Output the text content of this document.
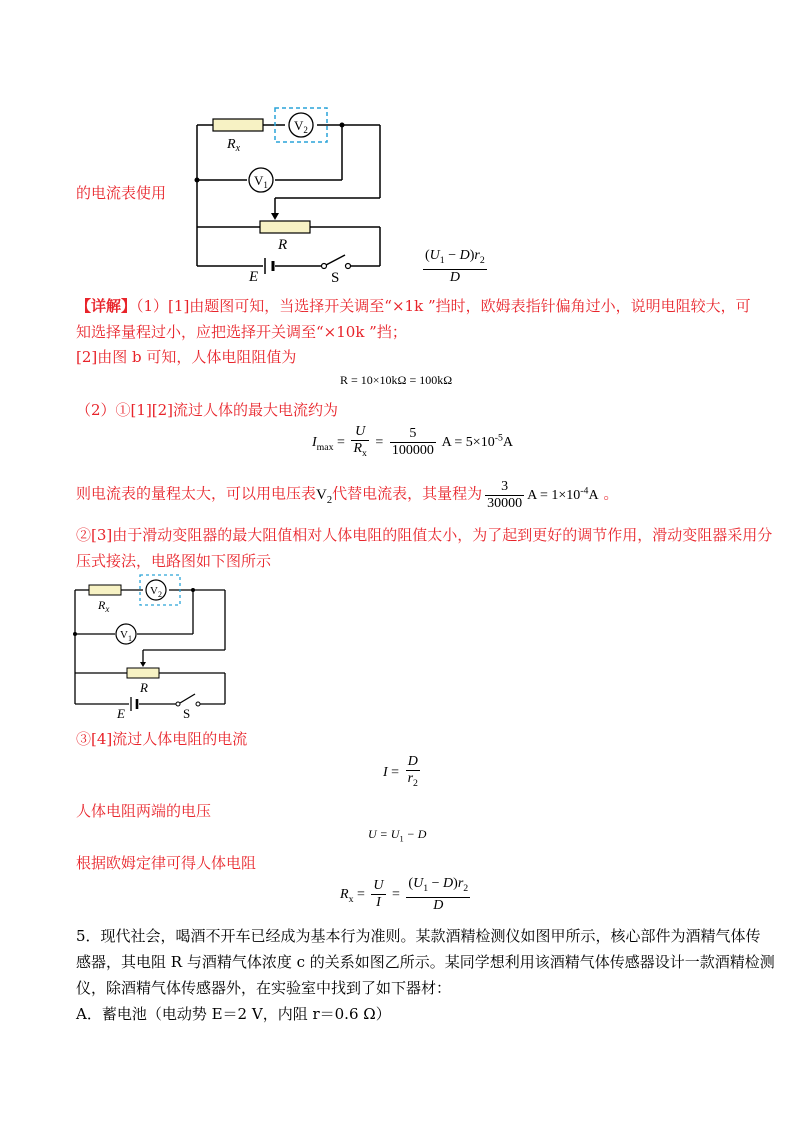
$R_x$
$V_2$
$V_1$
R
E	S
的电流表使用
$\frac{(U_1 - D)r_2}{D}$
【详解】（1）[1]由题图可知，当选择开关调至“×1k ”挡时，欧姆表指针偏角过小，说明电阻较大，可
知选择量程过小，应把选择开关调至“×10k ”挡；
[2]由图 b 可知，人体电阻阻值为
R = 10×10kΩ = 100kΩ
（2）①[1][2]流过人体的最大电流约为
$I_{max} = \frac{U}{R_x} = \frac{5}{100000}$ $A = 5\times 10^{-5}A$
则电流表的量程太大，可以用电压表$V_2$代替电流表，其量程为 $\frac{3}{30000}$ $A = 1\times 10^{-4}A$ 。
②[3]由于滑动变阻器的最大阻值相对人体电阻的阻值太小，为了起到更好的调节作用，滑动变阻器采用分
压式接法，电路图如下图所示
$R_x$
$V_2$
$V_1$
R
E	S
③[4]流过人体电阻的电流
$I = \frac{D}{r_2}$
人体电阻两端的电压
$U = U_1 - D$
根据欧姆定律可得人体电阻
$R_x = \frac{U}{I} = \frac{(U_1 - D)r_2}{D}$
5．现代社会，喝酒不开车已经成为基本行为准则。某款酒精检测仪如图甲所示，核心部件为酒精气体传
感器，其电阻 R 与酒精气体浓度 c 的关系如图乙所示。某同学想利用该酒精气体传感器设计一款酒精检测
仪，除酒精气体传感器外，在实验室中找到了如下器材：
A．蓄电池（电动势 E＝2 V，内阻 r＝0.6 Ω）
